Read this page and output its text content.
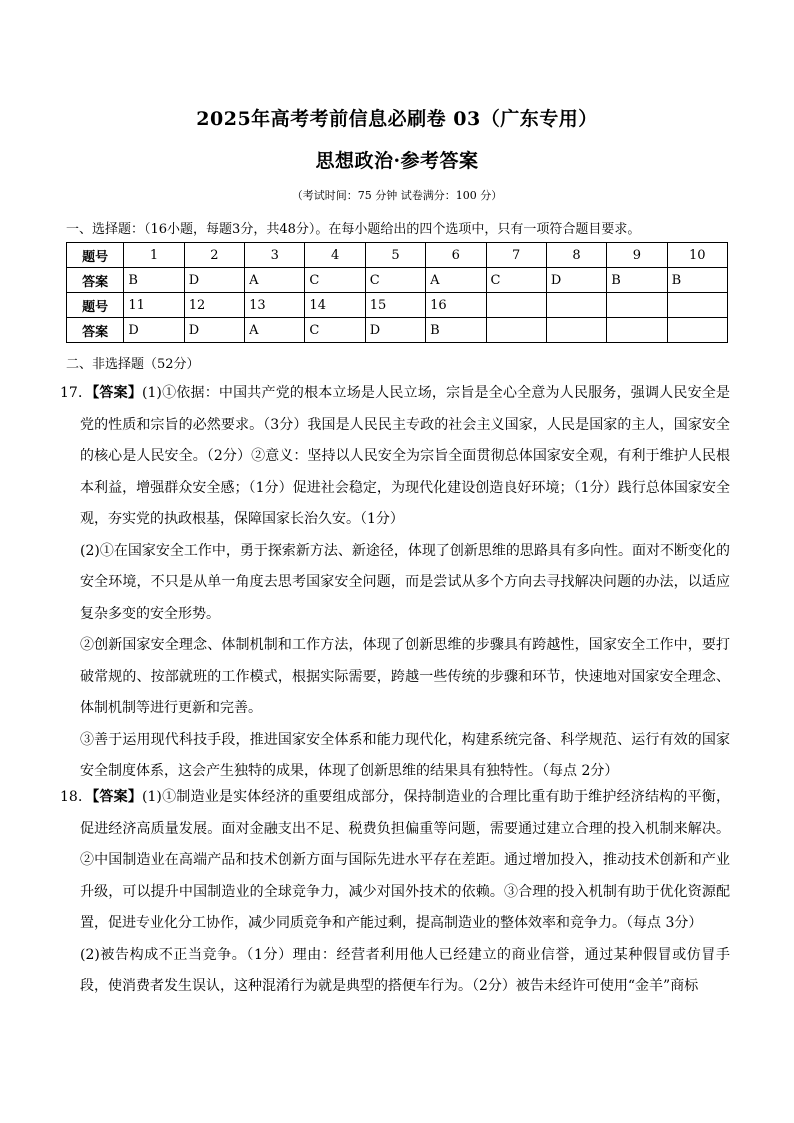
2025年高考考前信息必刷卷 03（广东专用）
思想政治·参考答案
（考试时间：75 分钟 试卷满分：100 分）
一、选择题：（16小题，每题3分，共48分）。在每小题给出的四个选项中，只有一项符合题目要求。
题号	1	2	3	4	5	6	7	8	9	10
答案	B	D	A	C	C	A	C	D	B	B
题号	11	12	13	14	15	16				
答案	D	D	A	C	D	B				
二、非选择题（52分）

17．【答案】(1)①依据：中国共产党的根本立场是人民立场，宗旨是全心全意为人民服务，强调人民安全是党的性质和宗旨的必然要求。（3分）我国是人民民主专政的社会主义国家，人民是国家的主人，国家安全的核心是人民安全。（2分）②意义：坚持以人民安全为宗旨全面贯彻总体国家安全观，有利于维护人民根本利益，增强群众安全感；（1分）促进社会稳定，为现代化建设创造良好环境；（1分）践行总体国家安全观，夯实党的执政根基，保障国家长治久安。（1分）

(2)①在国家安全工作中，勇于探索新方法、新途径，体现了创新思维的思路具有多向性。面对不断变化的安全环境，不只是从单一角度去思考国家安全问题，而是尝试从多个方向去寻找解决问题的办法，以适应复杂多变的安全形势。

②创新国家安全理念、体制机制和工作方法，体现了创新思维的步骤具有跨越性，国家安全工作中，要打破常规的、按部就班的工作模式，根据实际需要，跨越一些传统的步骤和环节，快速地对国家安全理念、体制机制等进行更新和完善。

③善于运用现代科技手段，推进国家安全体系和能力现代化，构建系统完备、科学规范、运行有效的国家安全制度体系，这会产生独特的成果，体现了创新思维的结果具有独特性。（每点 2分）

18．【答案】(1)①制造业是实体经济的重要组成部分，保持制造业的合理比重有助于维护经济结构的平衡，促进经济高质量发展。面对金融支出不足、税费负担偏重等问题，需要通过建立合理的投入机制来解决。②中国制造业在高端产品和技术创新方面与国际先进水平存在差距。通过增加投入，推动技术创新和产业升级，可以提升中国制造业的全球竞争力，减少对国外技术的依赖。③合理的投入机制有助于优化资源配置，促进专业化分工协作，减少同质竞争和产能过剩，提高制造业的整体效率和竞争力。（每点 3分）

(2)被告构成不正当竞争。（1分）理由：经营者利用他人已经建立的商业信誉，通过某种假冒或仿冒手段，使消费者发生误认，这种混淆行为就是典型的搭便车行为。（2分）被告未经许可使用“金羊”商标
